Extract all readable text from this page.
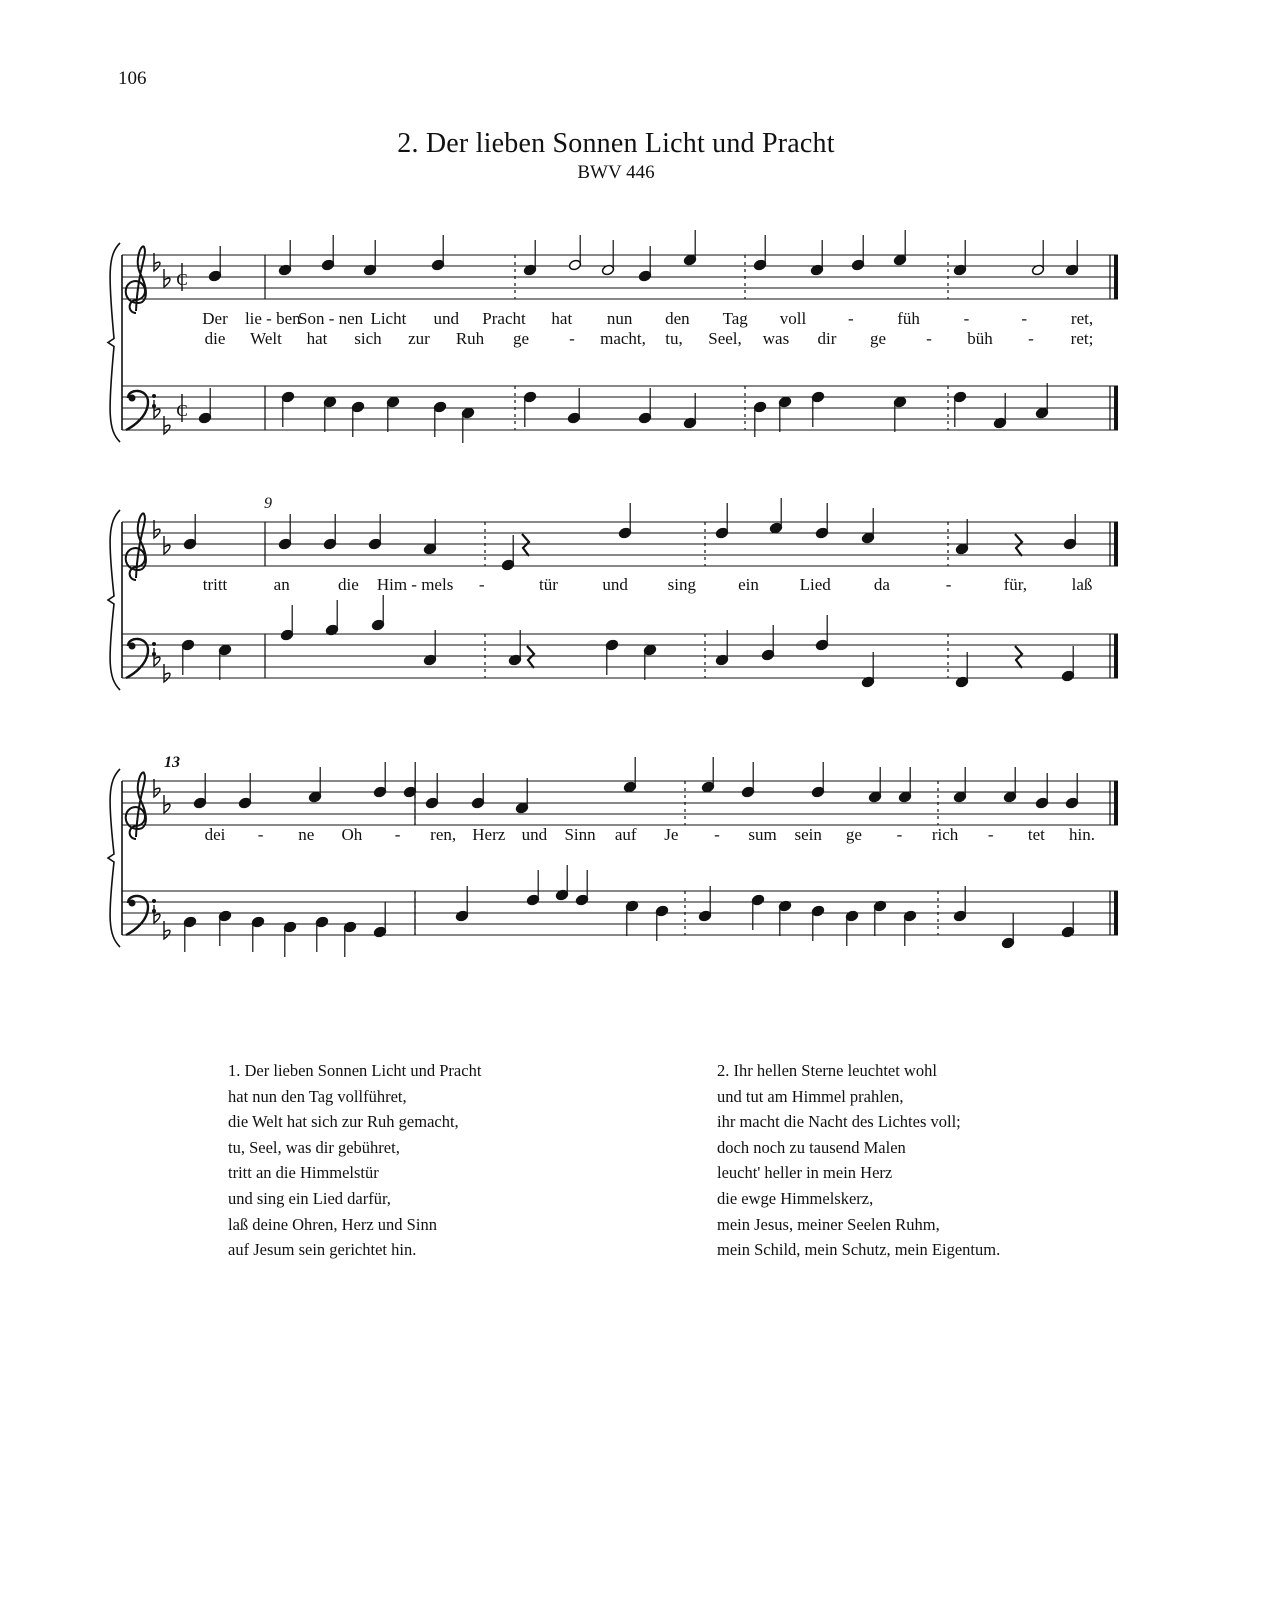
106
2. Der lieben Sonnen Licht und Pracht
BWV 446
C
C
Der lie - ben
Son - nen Licht und Pracht hat nun den Tag voll -	füh	-	-	ret,
die Welt hat sich zur Ruh ge - macht, tu, Seel, was dir ge - büh - ret;
9
tritt	an	die Him - mels -	tür	und sing ein Lied	da	-	für,	laß
13
dei - ne Oh - ren, Herz und Sinn auf Je - sum sein ge - rich - tet hin.
1. Der lieben Sonnen Licht und Pracht
hat nun den Tag vollführet,
die Welt hat sich zur Ruh gemacht,
tu, Seel, was dir gebühret,
tritt an die Himmelstür
und sing ein Lied darfür,
laß deine Ohren, Herz und Sinn
auf Jesum sein gerichtet hin.
2. Ihr hellen Sterne leuchtet wohl
und tut am Himmel prahlen,
ihr macht die Nacht des Lichtes voll;
doch noch zu tausend Malen
leucht' heller in mein Herz
die ewge Himmelskerz,
mein Jesus, meiner Seelen Ruhm,
mein Schild, mein Schutz, mein Eigentum.
